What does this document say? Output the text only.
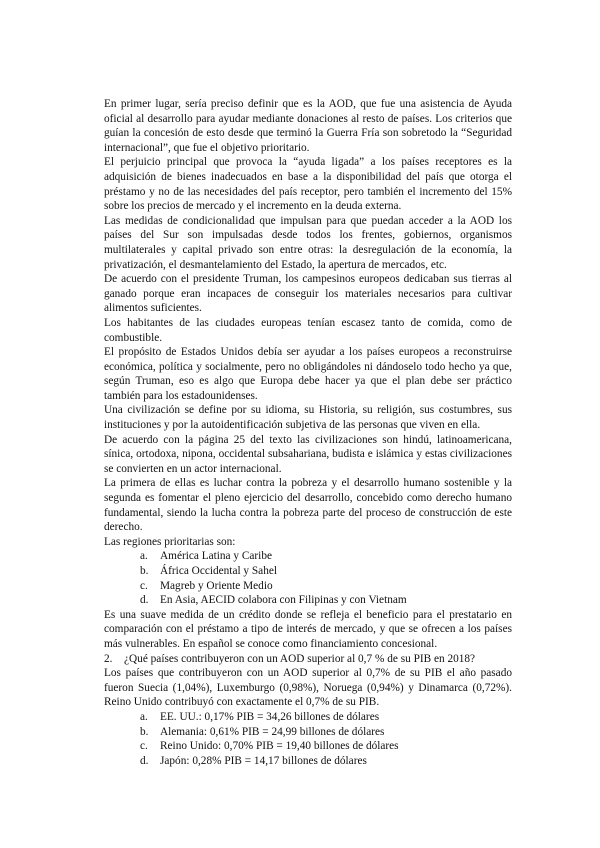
En primer lugar, sería preciso definir que es la AOD, que fue una asistencia de Ayuda oficial al desarrollo para ayudar mediante donaciones al resto de países. Los criterios que guían la concesión de esto desde que terminó la Guerra Fría son sobretodo la “Seguridad internacional”, que fue el objetivo prioritario.

El perjuicio principal que provoca la “ayuda ligada” a los países receptores es la adquisición de bienes inadecuados en base a la disponibilidad del país que otorga el préstamo y no de las necesidades del país receptor, pero también el incremento del 15% sobre los precios de mercado y el incremento en la deuda externa.

Las medidas de condicionalidad que impulsan para que puedan acceder a la AOD los países del Sur son impulsadas desde todos los frentes, gobiernos, organismos multilaterales y capital privado son entre otras: la desregulación de la economía, la privatización, el desmantelamiento del Estado, la apertura de mercados, etc.

De acuerdo con el presidente Truman, los campesinos europeos dedicaban sus tierras al ganado porque eran incapaces de conseguir los materiales necesarios para cultivar alimentos suficientes.

Los habitantes de las ciudades europeas tenían escasez tanto de comida, como de combustible.

El propósito de Estados Unidos debía ser ayudar a los países europeos a reconstruirse económica, política y socialmente, pero no obligándoles ni dándoselo todo hecho ya que, según Truman, eso es algo que Europa debe hacer ya que el plan debe ser práctico también para los estadounidenses.

Una civilización se define por su idioma, su Historia, su religión, sus costumbres, sus instituciones y por la autoidentificación subjetiva de las personas que viven en ella.

De acuerdo con la página 25 del texto las civilizaciones son hindú, latinoamericana, sínica, ortodoxa, nipona, occidental subsahariana, budista e islámica y estas civilizaciones se convierten en un actor internacional.

La primera de ellas es luchar contra la pobreza y el desarrollo humano sostenible y la segunda es fomentar el pleno ejercicio del desarrollo, concebido como derecho humano fundamental, siendo la lucha contra la pobreza parte del proceso de construcción de este derecho.

Las regiones prioritarias son:

a. América Latina y Caribe
b. África Occidental y Sahel
c. Magreb y Oriente Medio
d. En Asia, AECID colabora con Filipinas y con Vietnam

Es una suave medida de un crédito donde se refleja el beneficio para el prestatario en comparación con el préstamo a tipo de interés de mercado, y que se ofrecen a los países más vulnerables. En español se conoce como financiamiento concesional.

2. ¿Qué países contribuyeron con un AOD superior al 0,7 % de su PIB en 2018?

Los países que contribuyeron con un AOD superior al 0,7% de su PIB el año pasado fueron Suecia (1,04%), Luxemburgo (0,98%), Noruega (0,94%) y Dinamarca (0,72%). Reino Unido contribuyó con exactamente el 0,7% de su PIB.

a. EE. UU.: 0,17% PIB = 34,26 billones de dólares
b. Alemania: 0,61% PIB = 24,99 billones de dólares
c. Reino Unido: 0,70% PIB = 19,40 billones de dólares
d. Japón: 0,28% PIB = 14,17 billones de dólares
